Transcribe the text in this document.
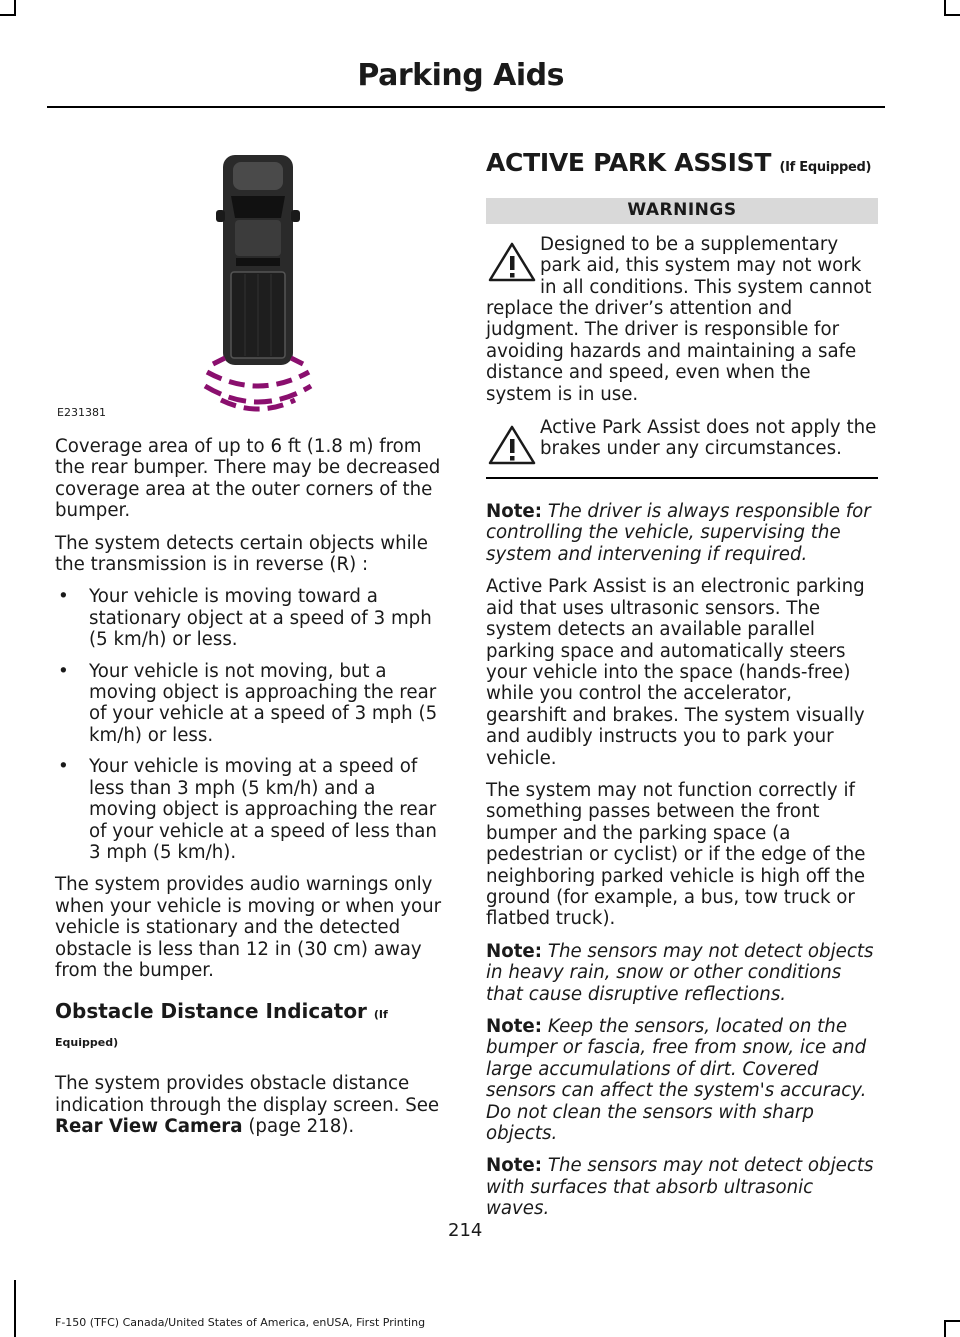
Parking Aids
E231381

Coverage area of up to 6 ft (1.8 m) from the rear bumper. There may be decreased coverage area at the outer corners of the bumper.

The system detects certain objects while the transmission is in reverse (R) :

• Your vehicle is moving toward a stationary object at a speed of 3 mph (5 km/h) or less.
• Your vehicle is not moving, but a moving object is approaching the rear of your vehicle at a speed of 3 mph (5 km/h) or less.
• Your vehicle is moving at a speed of less than 3 mph (5 km/h) and a moving object is approaching the rear of your vehicle at a speed of less than 3 mph (5 km/h).

The system provides audio warnings only when your vehicle is moving or when your vehicle is stationary and the detected obstacle is less than 12 in (30 cm) away from the bumper.

Obstacle Distance Indicator (If Equipped)

The system provides obstacle distance indication through the display screen. See Rear View Camera (page 218).

ACTIVE PARK ASSIST (If Equipped)
WARNINGS
Designed to be a supplementary park aid, this system may not work in all conditions. This system cannot replace the driver’s attention and judgment. The driver is responsible for avoiding hazards and maintaining a safe distance and speed, even when the system is in use.
Active Park Assist does not apply the brakes under any circumstances.

Note: The driver is always responsible for controlling the vehicle, supervising the system and intervening if required.

Active Park Assist is an electronic parking aid that uses ultrasonic sensors. The system detects an available parallel parking space and automatically steers your vehicle into the space (hands-free) while you control the accelerator, gearshift and brakes. The system visually and audibly instructs you to park your vehicle.

The system may not function correctly if something passes between the front bumper and the parking space (a pedestrian or cyclist) or if the edge of the neighboring parked vehicle is high off the ground (for example, a bus, tow truck or flatbed truck).

Note: The sensors may not detect objects in heavy rain, snow or other conditions that cause disruptive reflections.

Note: Keep the sensors, located on the bumper or fascia, free from snow, ice and large accumulations of dirt. Covered sensors can affect the system's accuracy. Do not clean the sensors with sharp objects.

Note: The sensors may not detect objects with surfaces that absorb ultrasonic waves.

214
F-150 (TFC) Canada/United States of America, enUSA, First Printing
